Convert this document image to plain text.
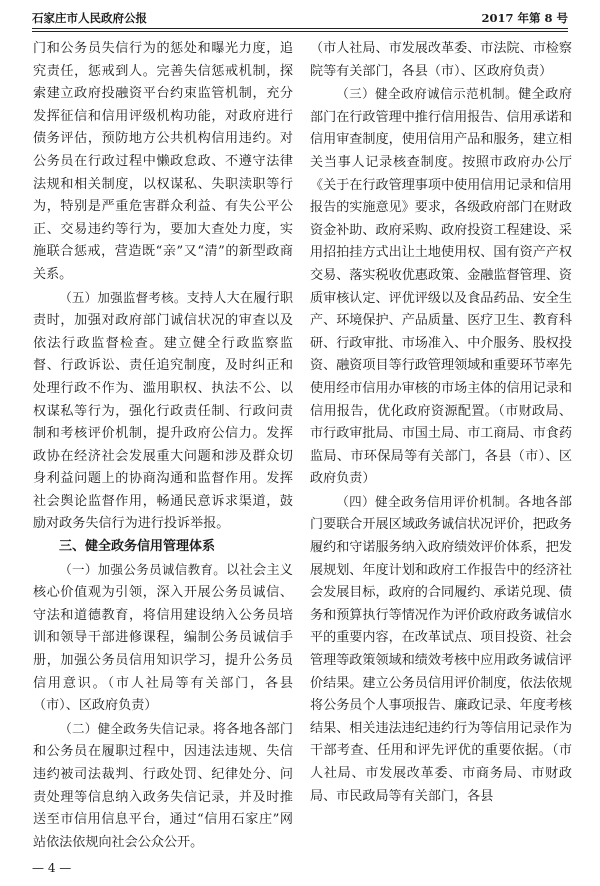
石家庄市人民政府公报	2017 年第 8 号

门和公务员失信行为的惩处和曝光力度，追究责任，惩戒到人。完善失信惩戒机制，探索建立政府投融资平台约束监管机制，充分发挥征信和信用评级机构功能，对政府进行债务评估，预防地方公共机构信用违约。对公务员在行政过程中懒政怠政、不遵守法律法规和相关制度，以权谋私、失职渎职等行为，特别是严重危害群众利益、有失公平公正、交易违约等行为，要加大查处力度，实施联合惩戒，营造既“亲”又“清”的新型政商关系。

（五）加强监督考核。支持人大在履行职责时，加强对政府部门诚信状况的审查以及依法行政监督检查。建立健全行政监察监督、行政诉讼、责任追究制度，及时纠正和处理行政不作为、滥用职权、执法不公、以权谋私等行为，强化行政责任制、行政问责制和考核评价机制，提升政府公信力。发挥政协在经济社会发展重大问题和涉及群众切身利益问题上的协商沟通和监督作用。发挥社会舆论监督作用，畅通民意诉求渠道，鼓励对政务失信行为进行投诉举报。

三、健全政务信用管理体系

（一）加强公务员诚信教育。以社会主义核心价值观为引领，深入开展公务员诚信、守法和道德教育，将信用建设纳入公务员培训和领导干部进修课程，编制公务员诚信手册，加强公务员信用知识学习，提升公务员信用意识。（市人社局等有关部门，各县（市）、区政府负责）

（二）健全政务失信记录。将各地各部门和公务员在履职过程中，因违法违规、失信违约被司法裁判、行政处罚、纪律处分、问责处理等信息纳入政务失信记录，并及时推送至市信用信息平台，通过“信用石家庄”网站依法依规向社会公众公开。

（市人社局、市发展改革委、市法院、市检察院等有关部门，各县（市）、区政府负责）

（三）健全政府诚信示范机制。健全政府部门在行政管理中推行信用报告、信用承诺和信用审查制度，使用信用产品和服务，建立相关当事人记录核查制度。按照市政府办公厅《关于在行政管理事项中使用信用记录和信用报告的实施意见》要求，各级政府部门在财政资金补助、政府采购、政府投资工程建设、采用招拍挂方式出让土地使用权、国有资产产权交易、落实税收优惠政策、金融监督管理、资质审核认定、评优评级以及食品药品、安全生产、环境保护、产品质量、医疗卫生、教育科研、行政审批、市场准入、中介服务、股权投资、融资项目等行政管理领域和重要环节率先使用经市信用办审核的市场主体的信用记录和信用报告，优化政府资源配置。（市财政局、市行政审批局、市国土局、市工商局、市食药监局、市环保局等有关部门，各县（市）、区政府负责）

（四）健全政务信用评价机制。各地各部门要联合开展区域政务诚信状况评价，把政务履约和守诺服务纳入政府绩效评价体系，把发展规划、年度计划和政府工作报告中的经济社会发展目标，政府的合同履约、承诺兑现、债务和预算执行等情况作为评价政府政务诚信水平的重要内容，在改革试点、项目投资、社会管理等政策领域和绩效考核中应用政务诚信评价结果。建立公务员信用评价制度，依法依规将公务员个人事项报告、廉政记录、年度考核结果、相关违法违纪违约行为等信用记录作为干部考查、任用和评先评优的重要依据。（市人社局、市发展改革委、市商务局、市财政局、市民政局等有关部门，各县

— 4 —
